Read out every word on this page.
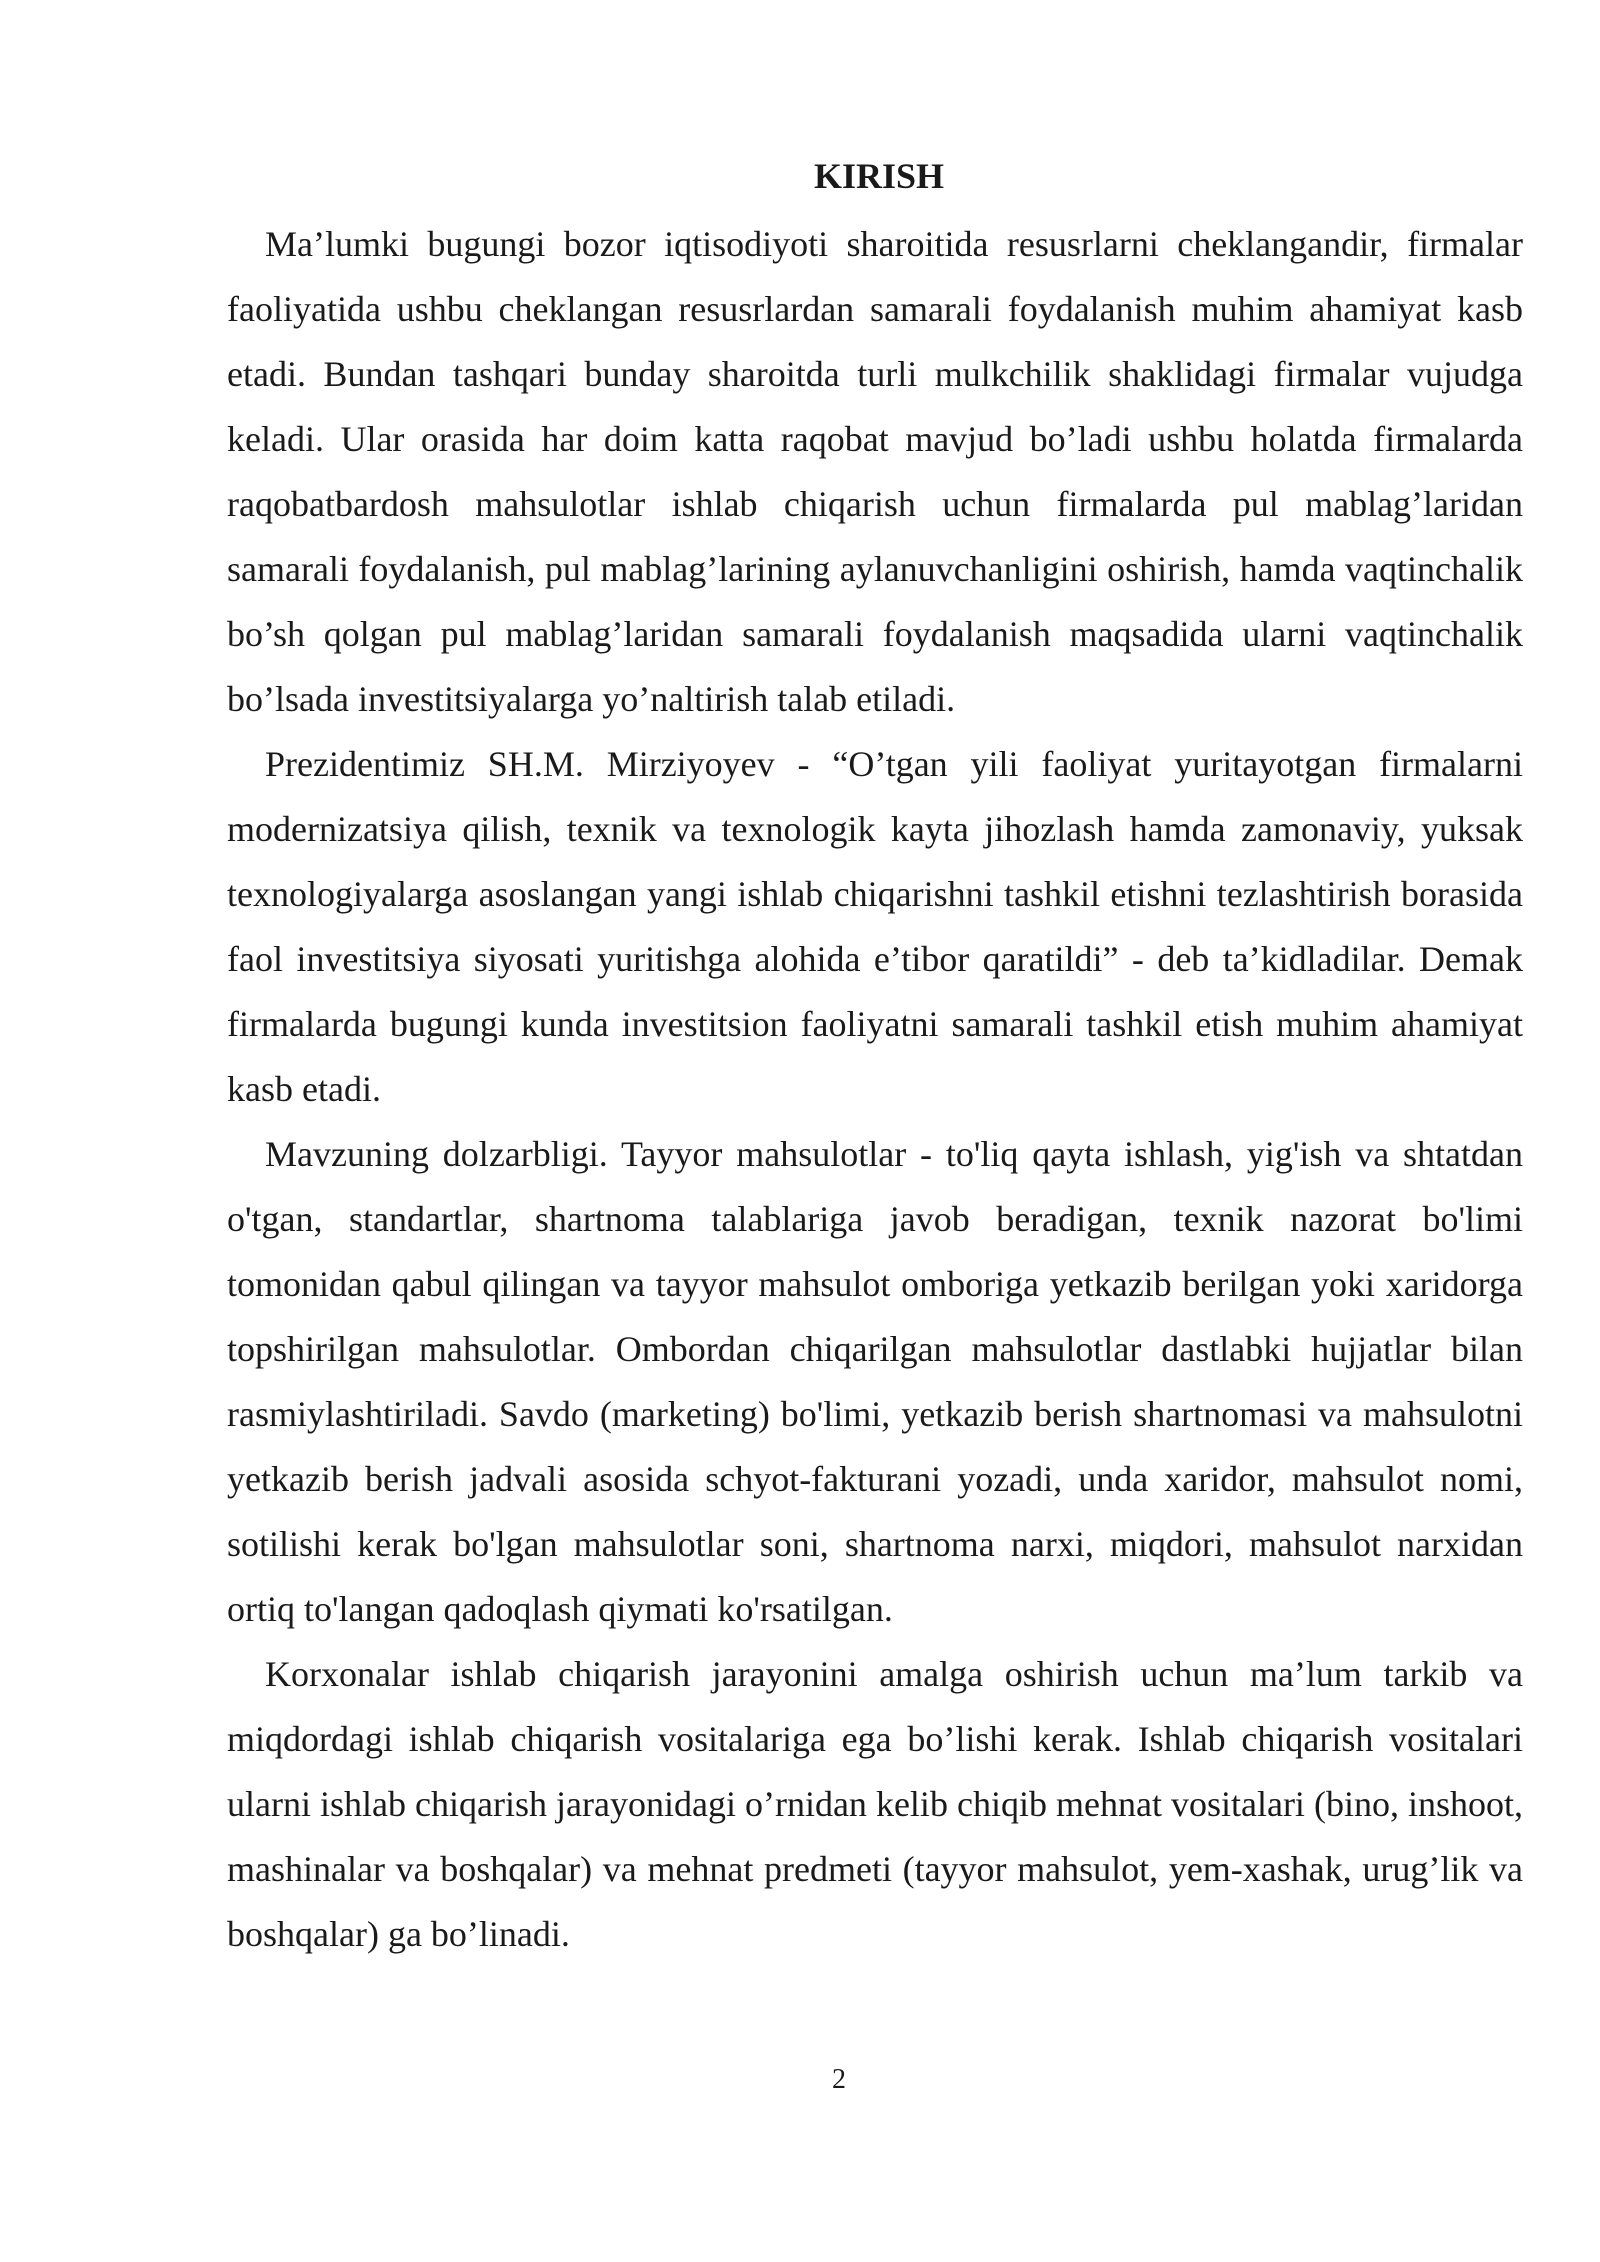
KIRISH

Ma’lumki bugungi bozor iqtisodiyoti sharoitida resusrlarni cheklangandir, firmalar faoliyatida ushbu cheklangan resusrlardan samarali foydalanish muhim ahamiyat kasb etadi. Bundan tashqari bunday sharoitda turli mulkchilik shaklidagi firmalar vujudga keladi. Ular orasida har doim katta raqobat mavjud bo’ladi ushbu holatda firmalarda raqobatbardosh mahsulotlar ishlab chiqarish uchun firmalarda pul mablag’laridan samarali foydalanish, pul mablag’larining aylanuvchanligini oshirish, hamda vaqtinchalik bo’sh qolgan pul mablag’laridan samarali foydalanish maqsadida ularni vaqtinchalik bo’lsada investitsiyalarga yo’naltirish talab etiladi.

Prezidentimiz SH.M. Mirziyoyev - “O’tgan yili faoliyat yuritayotgan firmalarni modernizatsiya qilish, texnik va texnologik kayta jihozlash hamda zamonaviy, yuksak texnologiyalarga asoslangan yangi ishlab chiqarishni tashkil etishni tezlashtirish borasida faol investitsiya siyosati yuritishga alohida e’tibor qaratildi” - deb ta’kidladilar. Demak firmalarda bugungi kunda investitsion faoliyatni samarali tashkil etish muhim ahamiyat kasb etadi.

Mavzuning dolzarbligi. Tayyor mahsulotlar - to'liq qayta ishlash, yig'ish va shtatdan o'tgan, standartlar, shartnoma talablariga javob beradigan, texnik nazorat bo'limi tomonidan qabul qilingan va tayyor mahsulot omboriga yetkazib berilgan yoki xaridorga topshirilgan mahsulotlar. Ombordan chiqarilgan mahsulotlar dastlabki hujjatlar bilan rasmiylashtiriladi. Savdo (marketing) bo'limi, yetkazib berish shartnomasi va mahsulotni yetkazib berish jadvali asosida schyot-fakturani yozadi, unda xaridor, mahsulot nomi, sotilishi kerak bo'lgan mahsulotlar soni, shartnoma narxi, miqdori, mahsulot narxidan ortiq to'langan qadoqlash qiymati ko'rsatilgan.

Korxonalar ishlab chiqarish jarayonini amalga oshirish uchun ma’lum tarkib va miqdordagi ishlab chiqarish vositalariga ega bo’lishi kerak. Ishlab chiqarish vositalari ularni ishlab chiqarish jarayonidagi o’rnidan kelib chiqib mehnat vositalari (bino, inshoot, mashinalar va boshqalar) va mehnat predmeti (tayyor mahsulot, yem-xashak, urug’lik va boshqalar) ga bo’linadi.

2
